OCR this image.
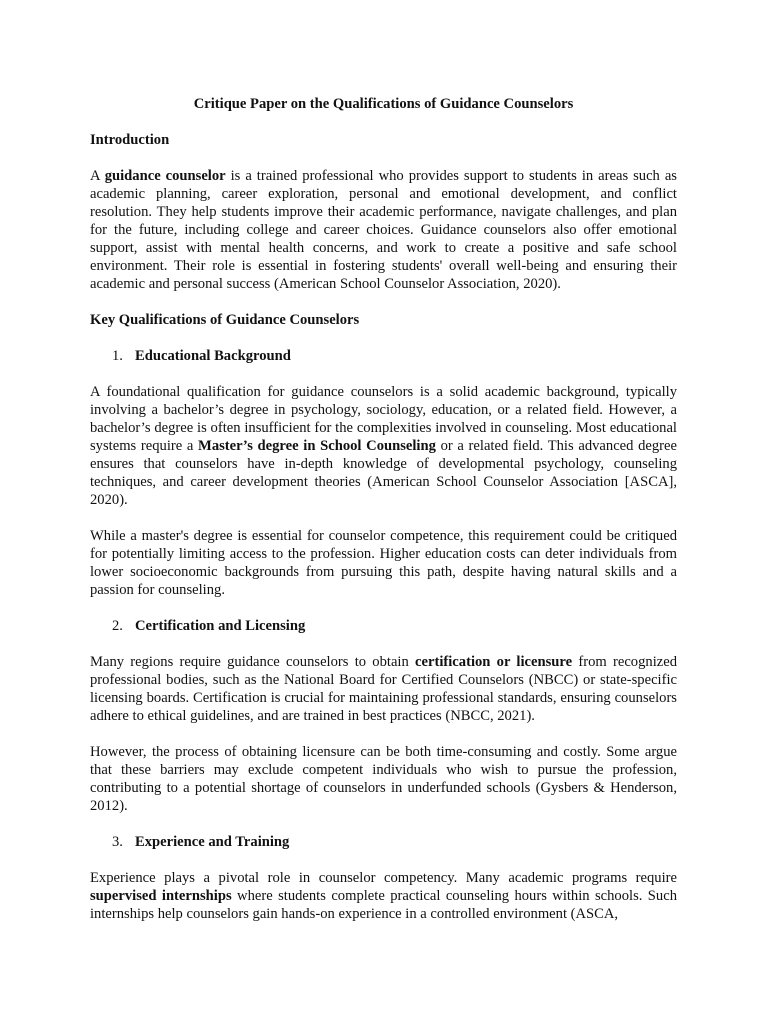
Critique Paper on the Qualifications of Guidance Counselors
Introduction

A guidance counselor is a trained professional who provides support to students in areas such as academic planning, career exploration, personal and emotional development, and conflict resolution. They help students improve their academic performance, navigate challenges, and plan for the future, including college and career choices. Guidance counselors also offer emotional support, assist with mental health concerns, and work to create a positive and safe school environment. Their role is essential in fostering students' overall well-being and ensuring their academic and personal success (American School Counselor Association, 2020).

Key Qualifications of Guidance Counselors
1. Educational Background

A foundational qualification for guidance counselors is a solid academic background, typically involving a bachelor’s degree in psychology, sociology, education, or a related field. However, a bachelor’s degree is often insufficient for the complexities involved in counseling. Most educational systems require a Master’s degree in School Counseling or a related field. This advanced degree ensures that counselors have in-depth knowledge of developmental psychology, counseling techniques, and career development theories (American School Counselor Association [ASCA], 2020).

While a master's degree is essential for counselor competence, this requirement could be critiqued for potentially limiting access to the profession. Higher education costs can deter individuals from lower socioeconomic backgrounds from pursuing this path, despite having natural skills and a passion for counseling.

2. Certification and Licensing

Many regions require guidance counselors to obtain certification or licensure from recognized professional bodies, such as the National Board for Certified Counselors (NBCC) or state-specific licensing boards. Certification is crucial for maintaining professional standards, ensuring counselors adhere to ethical guidelines, and are trained in best practices (NBCC, 2021).

However, the process of obtaining licensure can be both time-consuming and costly. Some argue that these barriers may exclude competent individuals who wish to pursue the profession, contributing to a potential shortage of counselors in underfunded schools (Gysbers & Henderson, 2012).

3. Experience and Training

Experience plays a pivotal role in counselor competency. Many academic programs require supervised internships where students complete practical counseling hours within schools. Such internships help counselors gain hands-on experience in a controlled environment (ASCA,
